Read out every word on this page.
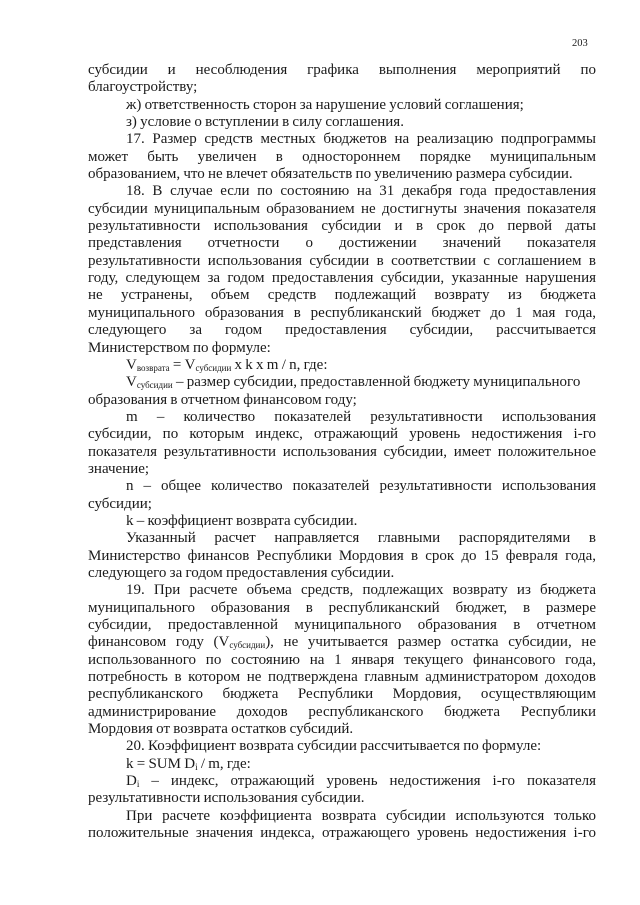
203
субсидии и несоблюдения графика выполнения мероприятий по
благоустройству;
ж) ответственность сторон за нарушение условий соглашения;
з) условие о вступлении в силу соглашения.
17. Размер средств местных бюджетов на реализацию подпрограммы
может быть увеличен в одностороннем порядке муниципальным
образованием, что не влечет обязательств по увеличению размера субсидии.
18. В случае если по состоянию на 31 декабря года предоставления
субсидии муниципальным образованием не достигнуты значения показателя
результативности использования субсидии и в срок до первой даты
представления отчетности о достижении значений показателя
результативности использования субсидии в соответствии с соглашением в
году, следующем за годом предоставления субсидии, указанные нарушения
не устранены, объем средств подлежащий возврату из бюджета
муниципального образования в республиканский бюджет до 1 мая года,
следующего за годом предоставления субсидии, рассчитывается
Министерством по формуле:
$V_{возврата} = V_{субсидии}$ x k x m / n, где:
$V_{субсидии}$ – размер субсидии, предоставленной бюджету муниципального
образования в отчетном финансовом году;
m – количество показателей результативности использования
субсидии, по которым индекс, отражающий уровень недостижения i-го
показателя результативности использования субсидии, имеет положительное
значение;
n – общее количество показателей результативности использования
субсидии;
k – коэффициент возврата субсидии.
Указанный расчет направляется главными распорядителями в
Министерство финансов Республики Мордовия в срок до 15 февраля года,
следующего за годом предоставления субсидии.
19. При расчете объема средств, подлежащих возврату из бюджета
муниципального образования в республиканский бюджет, в размере
субсидии, предоставленной муниципального образования в отчетном
финансовом году $(V_{субсидии})$, не учитывается размер остатка субсидии, не
использованного по состоянию на 1 января текущего финансового года,
потребность в котором не подтверждена главным администратором доходов
республиканского бюджета Республики Мордовия, осуществляющим
администрирование доходов республиканского бюджета Республики
Мордовия от возврата остатков субсидий.
20. Коэффициент возврата субсидии рассчитывается по формуле:
k = SUM $D_i$ / m, где:
$D_i$ – индекс, отражающий уровень недостижения i-го показателя
результативности использования субсидии.
При расчете коэффициента возврата субсидии используются только
положительные значения индекса, отражающего уровень недостижения i-го
